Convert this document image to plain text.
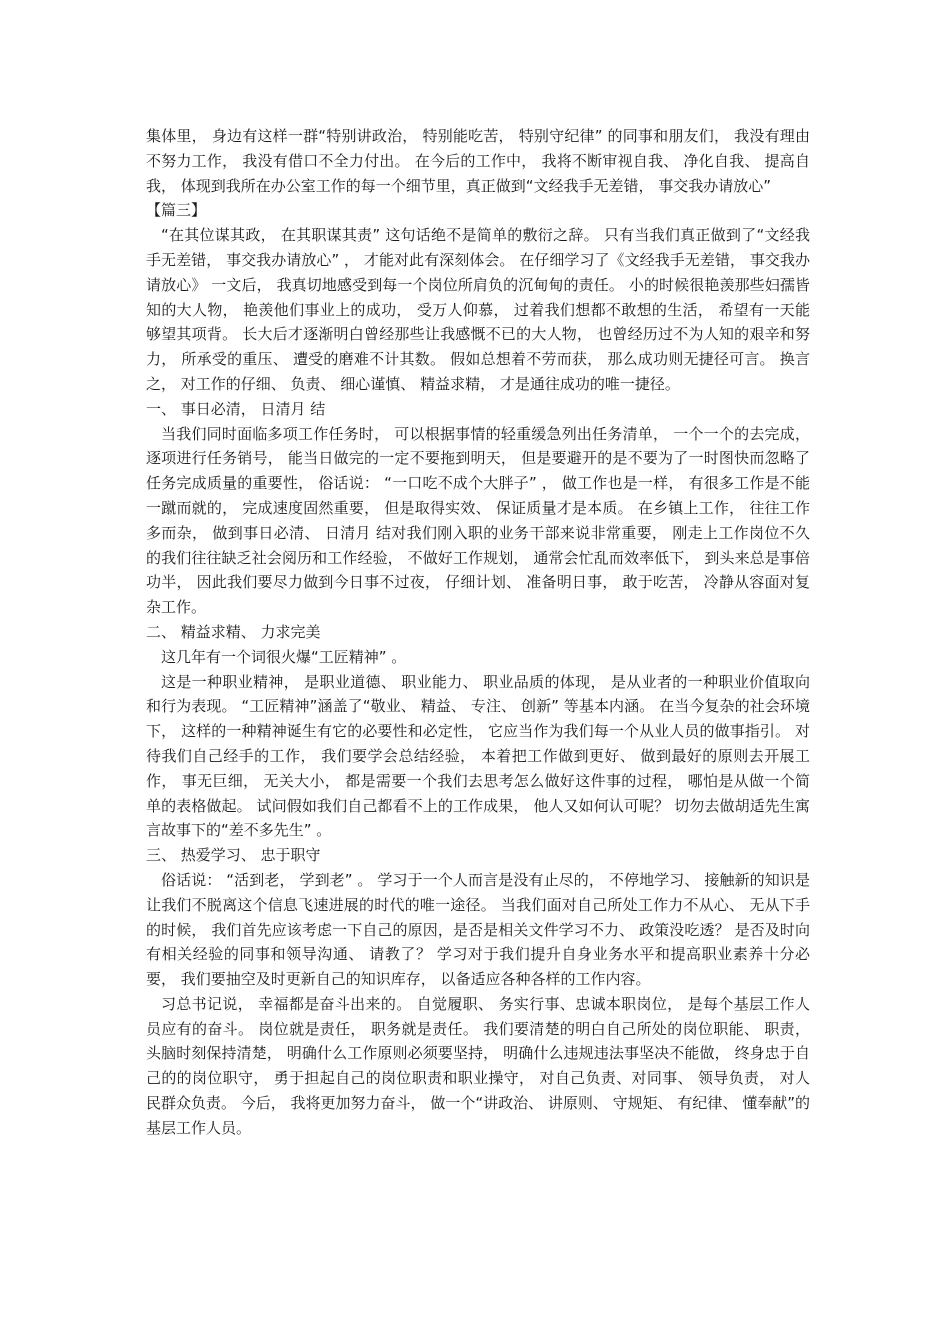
集体里， 身边有这样一群“特别讲政治， 特别能吃苦， 特别守纪律” 的同事和朋友们， 我没有理由不努力工作， 我没有借口不全力付出。 在今后的工作中， 我将不断审视自我、 净化自我、 提高自我， 体现到我所在办公室工作的每一个细节里，真正做到“文经我手无差错， 事交我办请放心”

【篇三】

“在其位谋其政， 在其职谋其责” 这句话绝不是简单的敷衍之辞。 只有当我们真正做到了“文经我手无差错， 事交我办请放心” ， 才能对此有深刻体会。 在仔细学习了《文经我手无差错， 事交我办请放心》 一文后， 我真切地感受到每一个岗位所肩负的沉甸甸的责任。 小的时候很艳羡那些妇孺皆知的大人物， 艳羡他们事业上的成功， 受万人仰慕， 过着我们想都不敢想的生活， 希望有一天能够望其项背。 长大后才逐渐明白曾经那些让我感慨不已的大人物， 也曾经历过不为人知的艰辛和努力， 所承受的重压、 遭受的磨难不计其数。 假如总想着不劳而获， 那么成功则无捷径可言。 换言之， 对工作的仔细、 负责、 细心谨慎、 精益求精， 才是通往成功的唯一捷径。

一、 事日必清， 日清月 结

当我们同时面临多项工作任务时， 可以根据事情的轻重缓急列出任务清单， 一个一个的去完成， 逐项进行任务销号， 能当日做完的一定不要拖到明天， 但是要避开的是不要为了一时图快而忽略了任务完成质量的重要性， 俗话说： “一口吃不成个大胖子” ， 做工作也是一样， 有很多工作是不能一蹴而就的， 完成速度固然重要， 但是取得实效、 保证质量才是本质。 在乡镇上工作， 往往工作多而杂， 做到事日必清、 日清月 结对我们刚入职的业务干部来说非常重要， 刚走上工作岗位不久的我们往往缺乏社会阅历和工作经验， 不做好工作规划， 通常会忙乱而效率低下， 到头来总是事倍功半， 因此我们要尽力做到今日事不过夜， 仔细计划、 准备明日事， 敢于吃苦， 冷静从容面对复杂工作。

二、 精益求精、 力求完美

这几年有一个词很火爆“工匠精神” 。

这是一种职业精神， 是职业道德、 职业能力、 职业品质的体现， 是从业者的一种职业价值取向和行为表现。 “工匠精神”涵盖了“敬业、 精益、 专注、 创新” 等基本内涵。 在当今复杂的社会环境下， 这样的一种精神诞生有它的必要性和必定性， 它应当作为我们每一个从业人员的做事指引。 对待我们自己经手的工作， 我们要学会总结经验， 本着把工作做到更好、 做到最好的原则去开展工作， 事无巨细， 无关大小， 都是需要一个我们去思考怎么做好这件事的过程， 哪怕是从做一个简单的表格做起。 试问假如我们自己都看不上的工作成果， 他人又如何认可呢？ 切勿去做胡适先生寓言故事下的“差不多先生” 。

三、 热爱学习、 忠于职守

俗话说： “活到老， 学到老” 。 学习于一个人而言是没有止尽的， 不停地学习、 接触新的知识是让我们不脱离这个信息飞速进展的时代的唯一途径。 当我们面对自己所处工作力不从心、 无从下手的时候， 我们首先应该考虑一下自己的原因，是否是相关文件学习不力、 政策没吃透？ 是否及时向有相关经验的同事和领导沟通、 请教了？ 学习对于我们提升自身业务水平和提高职业素养十分必要， 我们要抽空及时更新自己的知识库存， 以备适应各种各样的工作内容。

习总书记说， 幸福都是奋斗出来的。 自觉履职、 务实行事、忠诚本职岗位， 是每个基层工作人员应有的奋斗。 岗位就是责任， 职务就是责任。 我们要清楚的明白自己所处的岗位职能、 职责， 头脑时刻保持清楚， 明确什么工作原则必须要坚持， 明确什么违规违法事坚决不能做， 终身忠于自己的的岗位职守， 勇于担起自己的岗位职责和职业操守， 对自己负责、对同事、 领导负责， 对人民群众负责。 今后， 我将更加努力奋斗， 做一个“讲政治、 讲原则、 守规矩、 有纪律、 懂奉献”的基层工作人员。
